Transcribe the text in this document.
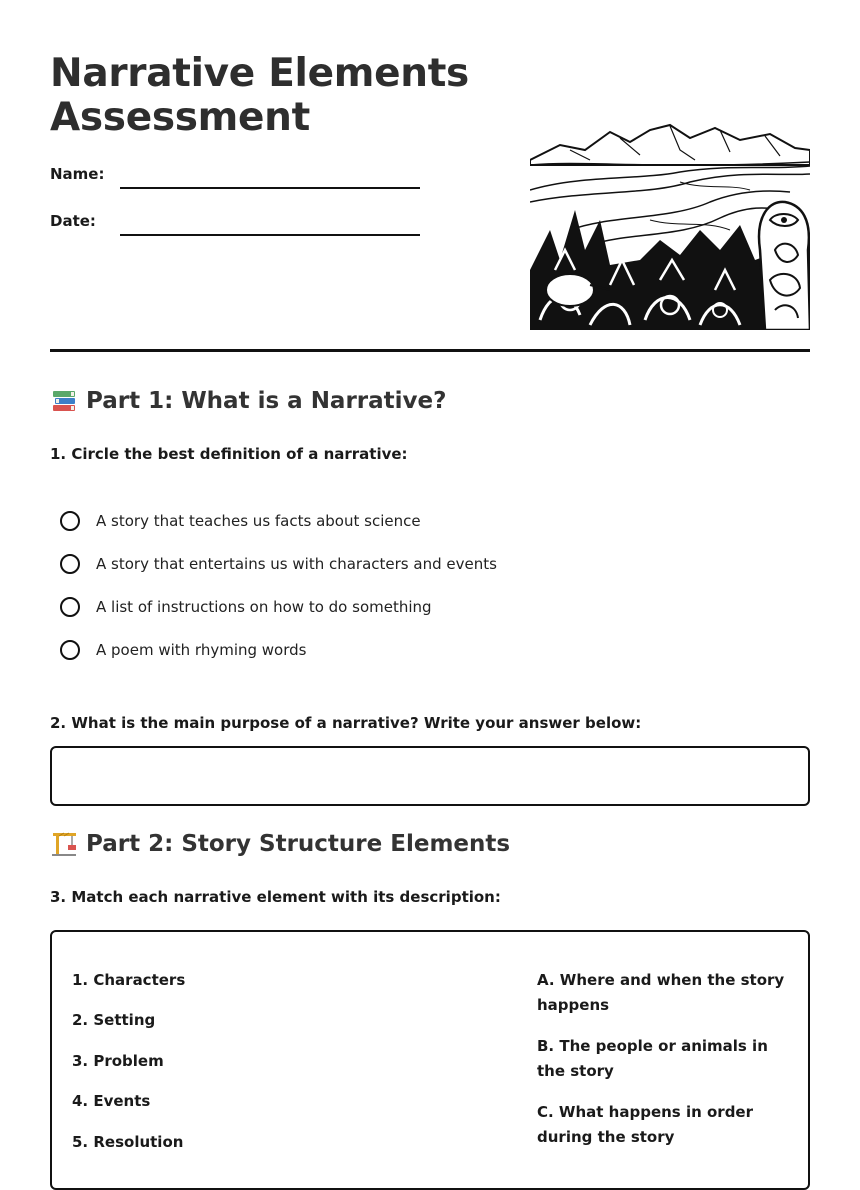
Narrative Elements
Assessment
Name:
Date:
Part 1: What is a Narrative?
1. Circle the best definition of a narrative:
A story that teaches us facts about science
A story that entertains us with characters and events
A list of instructions on how to do something
A poem with rhyming words
2. What is the main purpose of a narrative? Write your answer below:
Part 2: Story Structure Elements
3. Match each narrative element with its description:
1. Characters
2. Setting
3. Problem
4. Events
5. Resolution
A. Where and when the story happens
B. The people or animals in the story
C. What happens in order during the story
